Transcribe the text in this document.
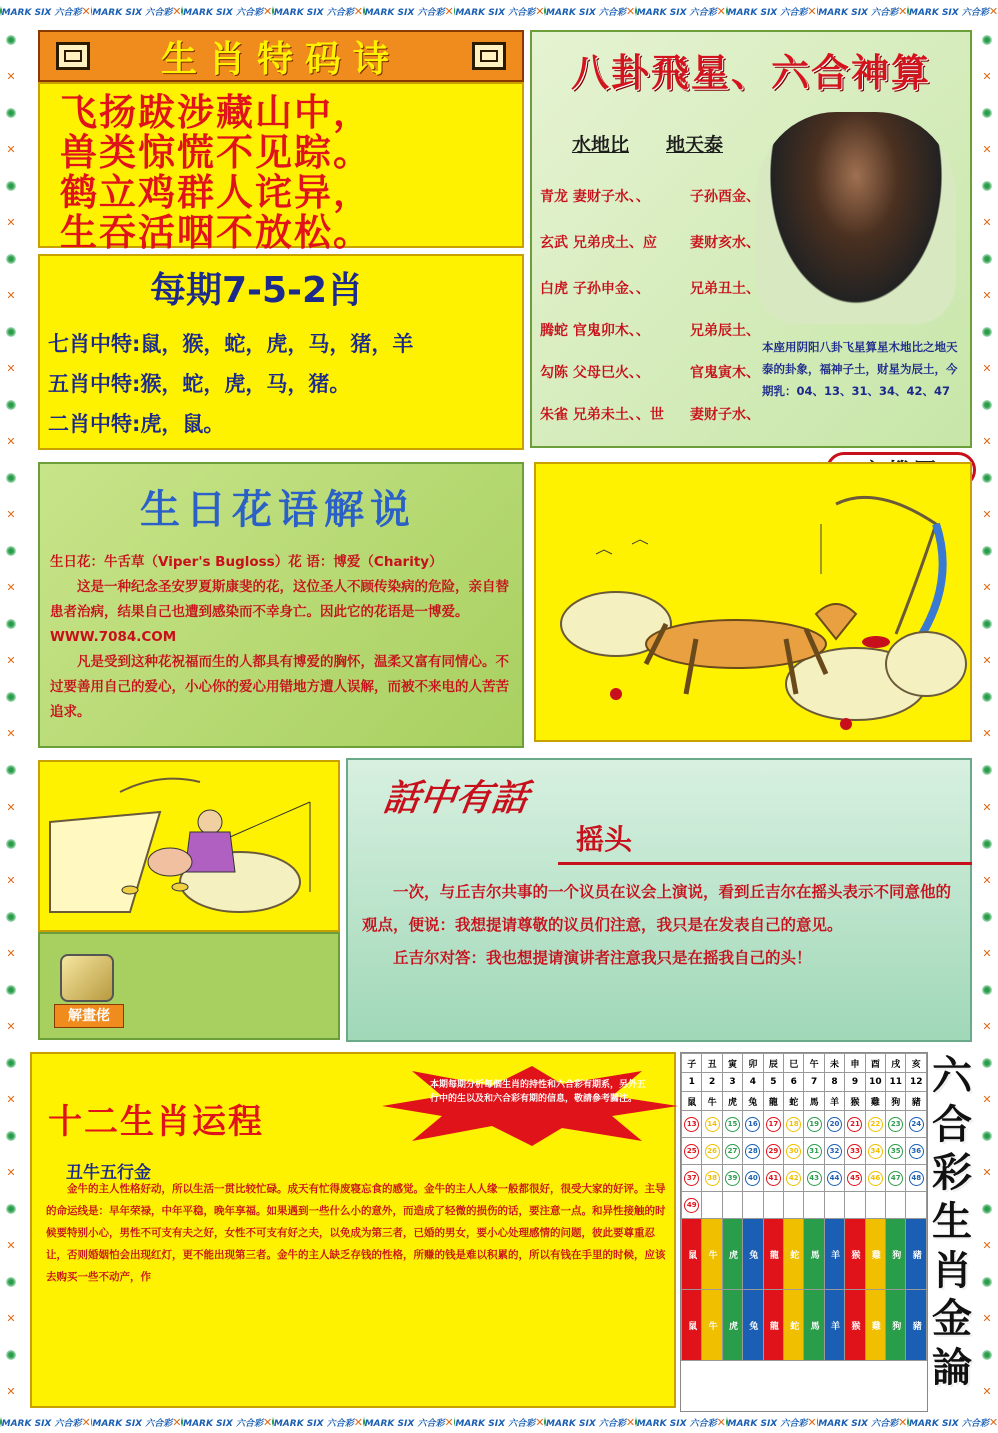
MARK SIX 六合彩 ✕ MARK SIX 六合彩 ✕ MARK SIX 六合彩 ✕ MARK SIX 六合彩 ✕ MARK SIX 六合彩 ✕ MARK SIX 六合彩 ✕ MARK SIX 六合彩 ✕ MARK SIX 六合彩 ✕ MARK SIX 六合彩 ✕ MARK SIX 六合彩 ✕ MARK SIX 六合彩 ✕
MARK SIX 六合彩 ✕ MARK SIX 六合彩 ✕ MARK SIX 六合彩 ✕ MARK SIX 六合彩 ✕ MARK SIX 六合彩 ✕ MARK SIX 六合彩 ✕ MARK SIX 六合彩 ✕ MARK SIX 六合彩 ✕ MARK SIX 六合彩 ✕ MARK SIX 六合彩 ✕ MARK SIX 六合彩 ✕
✕
✕
✕
✕
✕
✕
✕
✕
✕
✕
✕
✕
✕
✕
✕
✕
✕
✕
✕
✕
✕
✕
✕
✕
✕
✕
✕
✕
✕
✕
✕
✕
✕
✕
✕
✕
✕
✕
生肖特码诗
飞扬跋涉藏山中，
兽类惊慌不见踪。
鹤立鸡群人诧异，
生吞活咽不放松。
八卦飛星、六合神算
水地比 地天泰
青龙 妻财子水、、	子孙酉金、
玄武 兄弟戌土、应 妻财亥水、
白虎 子孙申金、、	兄弟丑土、
腾蛇 官鬼卯木、、	兄弟辰土、
勾陈 父母巳火、、	官鬼寅木、
朱雀 兄弟未土、、世 妻财子水、
本座用阴阳八卦飞星算星木地比之地天泰的卦象，福神子土，财星为辰土，今期乳：04、13、31、34、42、47
每期7-5-2肖
七肖中特:鼠，猴，蛇，虎，马，猪，羊
五肖中特:猴，蛇，虎，马，猪。
二肖中特:虎，鼠。
生日花语解说

生日花：牛舌草（Viper's Bugloss）花 语：博爱（Charity）

这是一种纪念圣安罗夏斯康斐的花，这位圣人不顾传染病的危险，亲自替患者治病，结果自己也遭到感染而不幸身亡。因此它的花语是一博爱。WWW.7084.COM

凡是受到这种花祝福而生的人都具有博爱的胸怀，温柔又富有同情心。不过要善用自己的爱心，小心你的爱心用错地方遭人误解，而被不来电的人苦苦追求。

解畫佬
話中有話
摇头

一次，与丘吉尔共事的一个议员在议会上演说，看到丘吉尔在摇头表示不同意他的观点，便说：我想提请尊敬的议员们注意，我只是在发表自己的意见。

丘吉尔对答：我也想提请演讲者注意我只是在摇我自己的头！

本期每期分析每個生肖的持性和六合彩有期系，另外五行中的生以及和六合彩有期的信息，敬請參考關注。
十二生肖运程
丑牛五行金
金牛的主人性格好动，所以生活一贯比较忙碌。成天有忙得废寝忘食的感觉。金牛的主人人缘一般都很好，很受大家的好评。主导的命运线是：早年荣禄，中年平稳，晚年享福。如果遇到一些什么小的意外，而造成了轻微的损伤的话，要注意一点。和异性接触的时候要特别小心，男性不可支有夫之好，女性不可支有好之夫，以免成为第三者，已婚的男女，要小心处理感情的问题，彼此要尊重忍让，否则婚姻怕会出现红灯，更不能出现第三者。金牛的主人缺乏存钱的性格，所赚的钱是难以积累的，所以有钱在手里的时候，应该去购买一些不动产，作
子	丑	寅	卯	辰	巳	午	未	申	酉	戌	亥
1	2	3	4	5	6	7	8	9	10	11	12
鼠	牛	虎	兔	龍	蛇	馬	羊	猴	雞	狗	豬
13	14	15	16	17	18	19	20	21	22	23	24
25	26	27	28	29	30	31	32	33	34	35	36
37	38	39	40	41	42	43	44	45	46	47	48
49											
鼠	牛	虎	兔	龍	蛇	馬	羊	猴	雞	狗	豬
鼠	牛	虎	兔	龍	蛇	馬	羊	猴	雞	狗	豬
六
合
彩
生
肖
金
論
